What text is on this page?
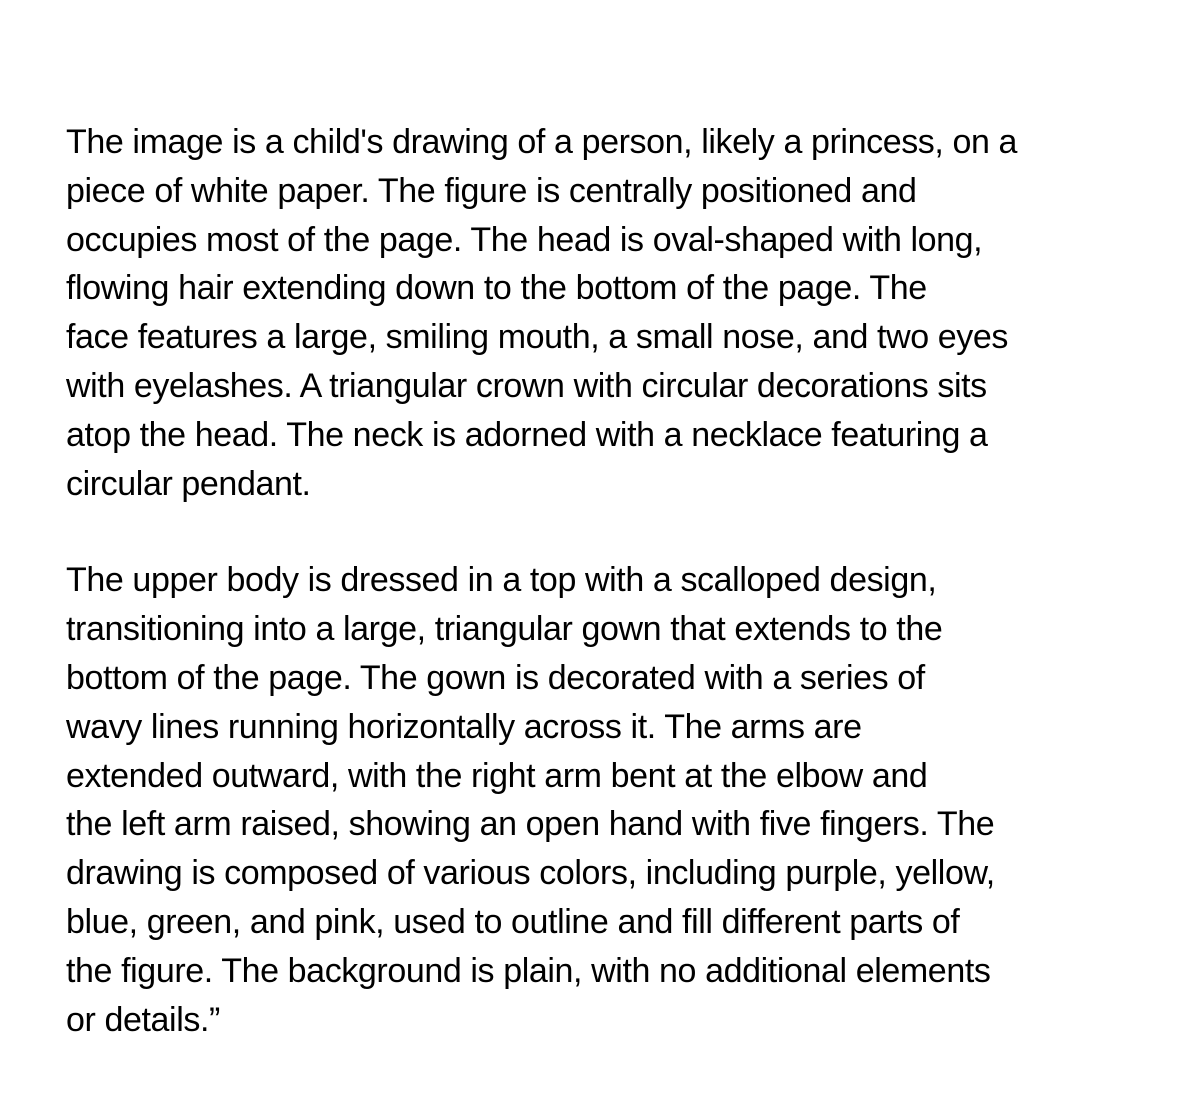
The image is a child's drawing of a person, likely a princess, on a
piece of white paper. The figure is centrally positioned and
occupies most of the page. The head is oval-shaped with long,
flowing hair extending down to the bottom of the page. The
face features a large, smiling mouth, a small nose, and two eyes
with eyelashes. A triangular crown with circular decorations sits
atop the head. The neck is adorned with a necklace featuring a
circular pendant.

The upper body is dressed in a top with a scalloped design,
transitioning into a large, triangular gown that extends to the
bottom of the page. The gown is decorated with a series of
wavy lines running horizontally across it. The arms are
extended outward, with the right arm bent at the elbow and
the left arm raised, showing an open hand with five fingers. The
drawing is composed of various colors, including purple, yellow,
blue, green, and pink, used to outline and fill different parts of
the figure. The background is plain, with no additional elements
or details.”
